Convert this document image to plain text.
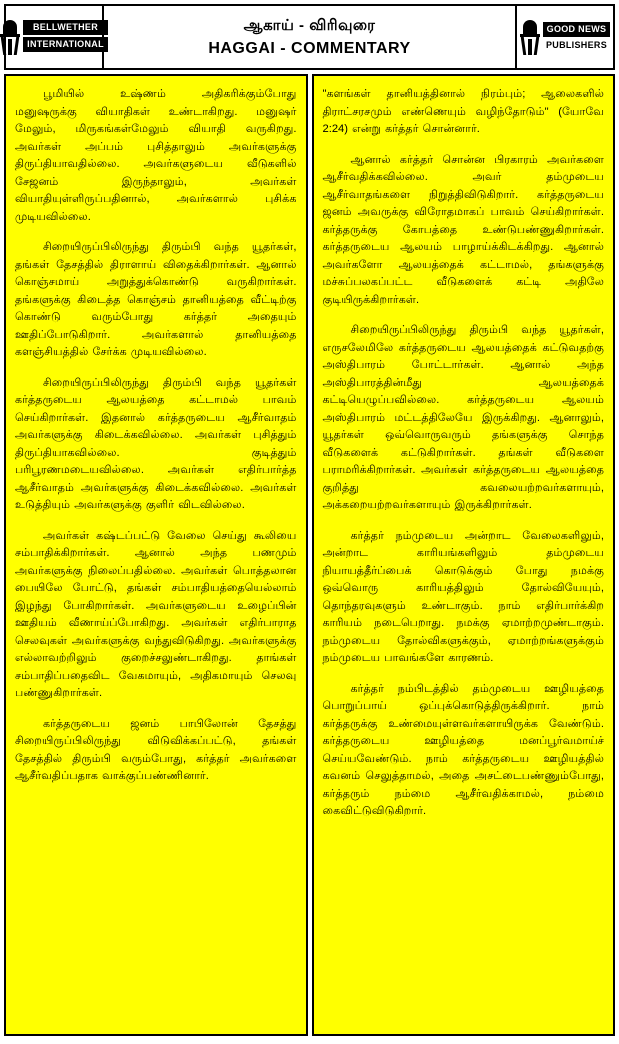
BELLWETHER
INTERNATIONAL
ஆகாய் - விரிவுரை
HAGGAI - COMMENTARY
GOOD NEWS
PUBLISHERS

பூமியில் உஷ்ணம் அதிகரிக்கும்போது மனுஷருக்கு வியாதிகள் உண்டாகிறது. மனுஷர் மேலும், மிருகங்கள்மேலும் வியாதி வருகிறது. அவர்கள் அப்பம் புசித்தாலும் அவர்களுக்கு திருப்தியாவதில்லை. அவர்களுடைய வீடுகளில் சேஜனம் இருந்தாலும், அவர்கள் வியாதியுள்ளிருப்பதினால், அவர்களால் புசிக்க முடியவில்லை.

சிறையிருப்பிலிருந்து திரும்பி வந்த யூதர்கள், தங்கள் தேசத்தில் திராளாய் விதைக்கிறார்கள். ஆனால் கொஞ்சமாய் அறுத்துக்கொண்டு வருகிறார்கள். தங்களுக்கு கிடைத்த கொஞ்சம் தானியத்தை வீட்டிற்கு கொண்டு வரும்போது கர்த்தர் அதையும் ஊதிப்போடுகிறார். அவர்களால் தானியத்தை களஞ்சியத்தில் சேர்க்க முடியவில்லை.

சிறையிருப்பிலிருந்து திரும்பி வந்த யூதர்கள் கர்த்தருடைய ஆலயத்தை கட்டாமல் பாவம் செய்கிறார்கள். இதனால் கர்த்தருடைய ஆசீர்வாதம் அவர்களுக்கு கிடைக்கவில்லை. அவர்கள் புசித்தும் திருப்தியாகவில்லை. குடித்தும் பரிபூரணமடையவில்லை. அவர்கள் எதிர்பார்த்த ஆசீர்வாதம் அவர்களுக்கு கிடைக்கவில்லை. அவர்கள் உடுத்தியும் அவர்களுக்கு குளிர் விடவில்லை.

அவர்கள் கஷ்டப்பட்டு வேலை செய்து கூலியை சம்பாதிக்கிறார்கள். ஆனால் அந்த பணமும் அவர்களுக்கு நிலைப்பதில்லை. அவர்கள் பொத்தலான பையிலே போட்டு, தங்கள் சம்பாதியத்தையெல்லாம் இழந்து போகிறார்கள். அவர்களுடைய உழைப்பின் ஊதியம் வீணாய்ப்போகிறது. அவர்கள் எதிர்பாராத செலவுகள் அவர்களுக்கு வந்துவிடுகிறது. அவர்களுக்கு எல்லாவற்றிலும் குறைச்சலுண்டாகிறது. தாங்கள் சம்பாதிப்பதைவிட வேகமாயும், அதிகமாயும் செலவு பண்ணுகிறார்கள்.

கர்த்தருடைய ஜனம் பாபிலோன் தேசத்து சிறையிருப்பிலிருந்து விடுவிக்கப்பட்டு, தங்கள் தேசத்தில் திரும்பி வரும்போது, கர்த்தர் அவர்களை ஆசீர்வதிப்பதாக வாக்குப்பண்ணினார்.

"களங்கள் தானியத்தினால் நிரம்பும்; ஆலைகளில் திராட்சரசமும் எண்ணெயும் வழிந்தோடும்" (யோவே 2:24) என்று கர்த்தர் சொன்னார்.

ஆனால் கர்த்தர் சொன்ன பிரகாரம் அவர்களை ஆசீர்வதிக்கவில்லை. அவர் தம்முடைய ஆசீர்வாதங்களை நிறுத்திவிடுகிறார். கர்த்தருடைய ஜனம் அவருக்கு விரோதமாகப் பாவம் செய்கிறார்கள். கர்த்தருக்கு கோபத்தை உண்டுபண்ணுகிறார்கள். கர்த்தருடைய ஆலயம் பாழாய்க்கிடக்கிறது. ஆனால் அவர்களோ ஆலயத்தைக் கட்டாமல், தங்களுக்கு மச்சுப்பலகப்பட்ட வீடுகளைக் கட்டி அதிலே குடியிருக்கிறார்கள்.

சிறையிருப்பிலிருந்து திரும்பி வந்த யூதர்கள், எருசலேமிலே கர்த்தருடைய ஆலயத்தைக் கட்டுவதற்கு அஸ்திபாரம் போட்டார்கள். ஆனால் அந்த அஸ்திபாரத்தின்மீது ஆலயத்தைக் கட்டியெழுப்பவில்லை. கர்த்தருடைய ஆலயம் அஸ்திபாரம் மட்டத்திலேயே இருக்கிறது. ஆனாலும், யூதர்கள் ஒவ்வொருவரும் தங்களுக்கு சொந்த வீடுகளைக் கட்டுகிறார்கள். தங்கள் வீடுகளை பராமரிக்கிறார்கள். அவர்கள் கர்த்தருடைய ஆலயத்தை குறித்து கவலையற்றவர்களாயும், அக்கறையற்றவர்களாயும் இருக்கிறார்கள்.

கர்த்தர் நம்முடைய அன்றாட வேலைகளிலும், அன்றாட காரியங்களிலும் தம்முடைய நியாயத்தீர்ப்பைக் கொடுக்கும் போது நமக்கு ஒவ்வொரு காரியத்திலும் தோல்வியேயும், தொந்தரவுகளும் உண்டாகும். நாம் எதிர்பார்க்கிற காரியம் நடைபெறாது. நமக்கு ஏமாற்றமுண்டாகும். நம்முடைய தோல்விகளுக்கும், ஏமாற்றங்களுக்கும் நம்முடைய பாவங்களே காரணம்.

கர்த்தர் நம்பிடத்தில் தம்முடைய ஊழியத்தை பொறுப்பாய் ஒப்புக்கொடுத்திருக்கிறார். நாம் கர்த்தருக்கு உண்மையுள்ளவர்களாயிருக்க வேண்டும். கர்த்தருடைய ஊழியத்தை மனப்பூர்வமாய்ச் செய்யவேண்டும். நாம் கர்த்தருடைய ஊழியத்தில் கவனம் செலுத்தாமல், அதை அசட்டைபண்ணும்போது, கர்த்தரும் நம்மை ஆசீர்வதிக்காமல், நம்மை கைவிட்டுவிடுகிறார்.
